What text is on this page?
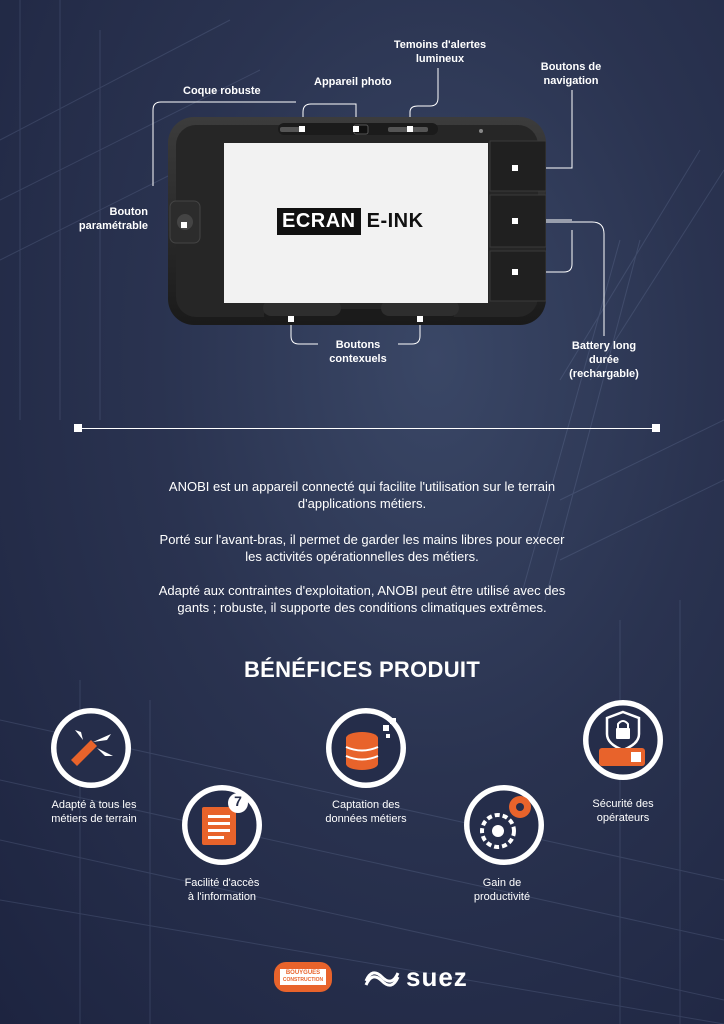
Coque robuste
Appareil photo
Temoins d'alertes
lumineux
Boutons de
navigation
Bouton
paramétrable
Boutons
contexuels
Battery long
durée
(rechargable)
ECRAN E-INK
ANOBI est un appareil connecté qui facilite l'utilisation sur le terrain
d'applications métiers.
Porté sur l'avant-bras, il permet de garder les mains libres pour execer
les activités opérationnelles des métiers.
Adapté aux contraintes d'exploitation, ANOBI peut être utilisé avec des
gants ; robuste, il supporte des conditions climatiques extrêmes.
BÉNÉFICES PRODUIT
7
Adapté à tous les
métiers de terrain
Facilité d'accès
à l'information
Captation des
données métiers
Gain de
productivité
Sécurité des
opérateurs
BOUYGUES
CONSTRUCTION	suez
